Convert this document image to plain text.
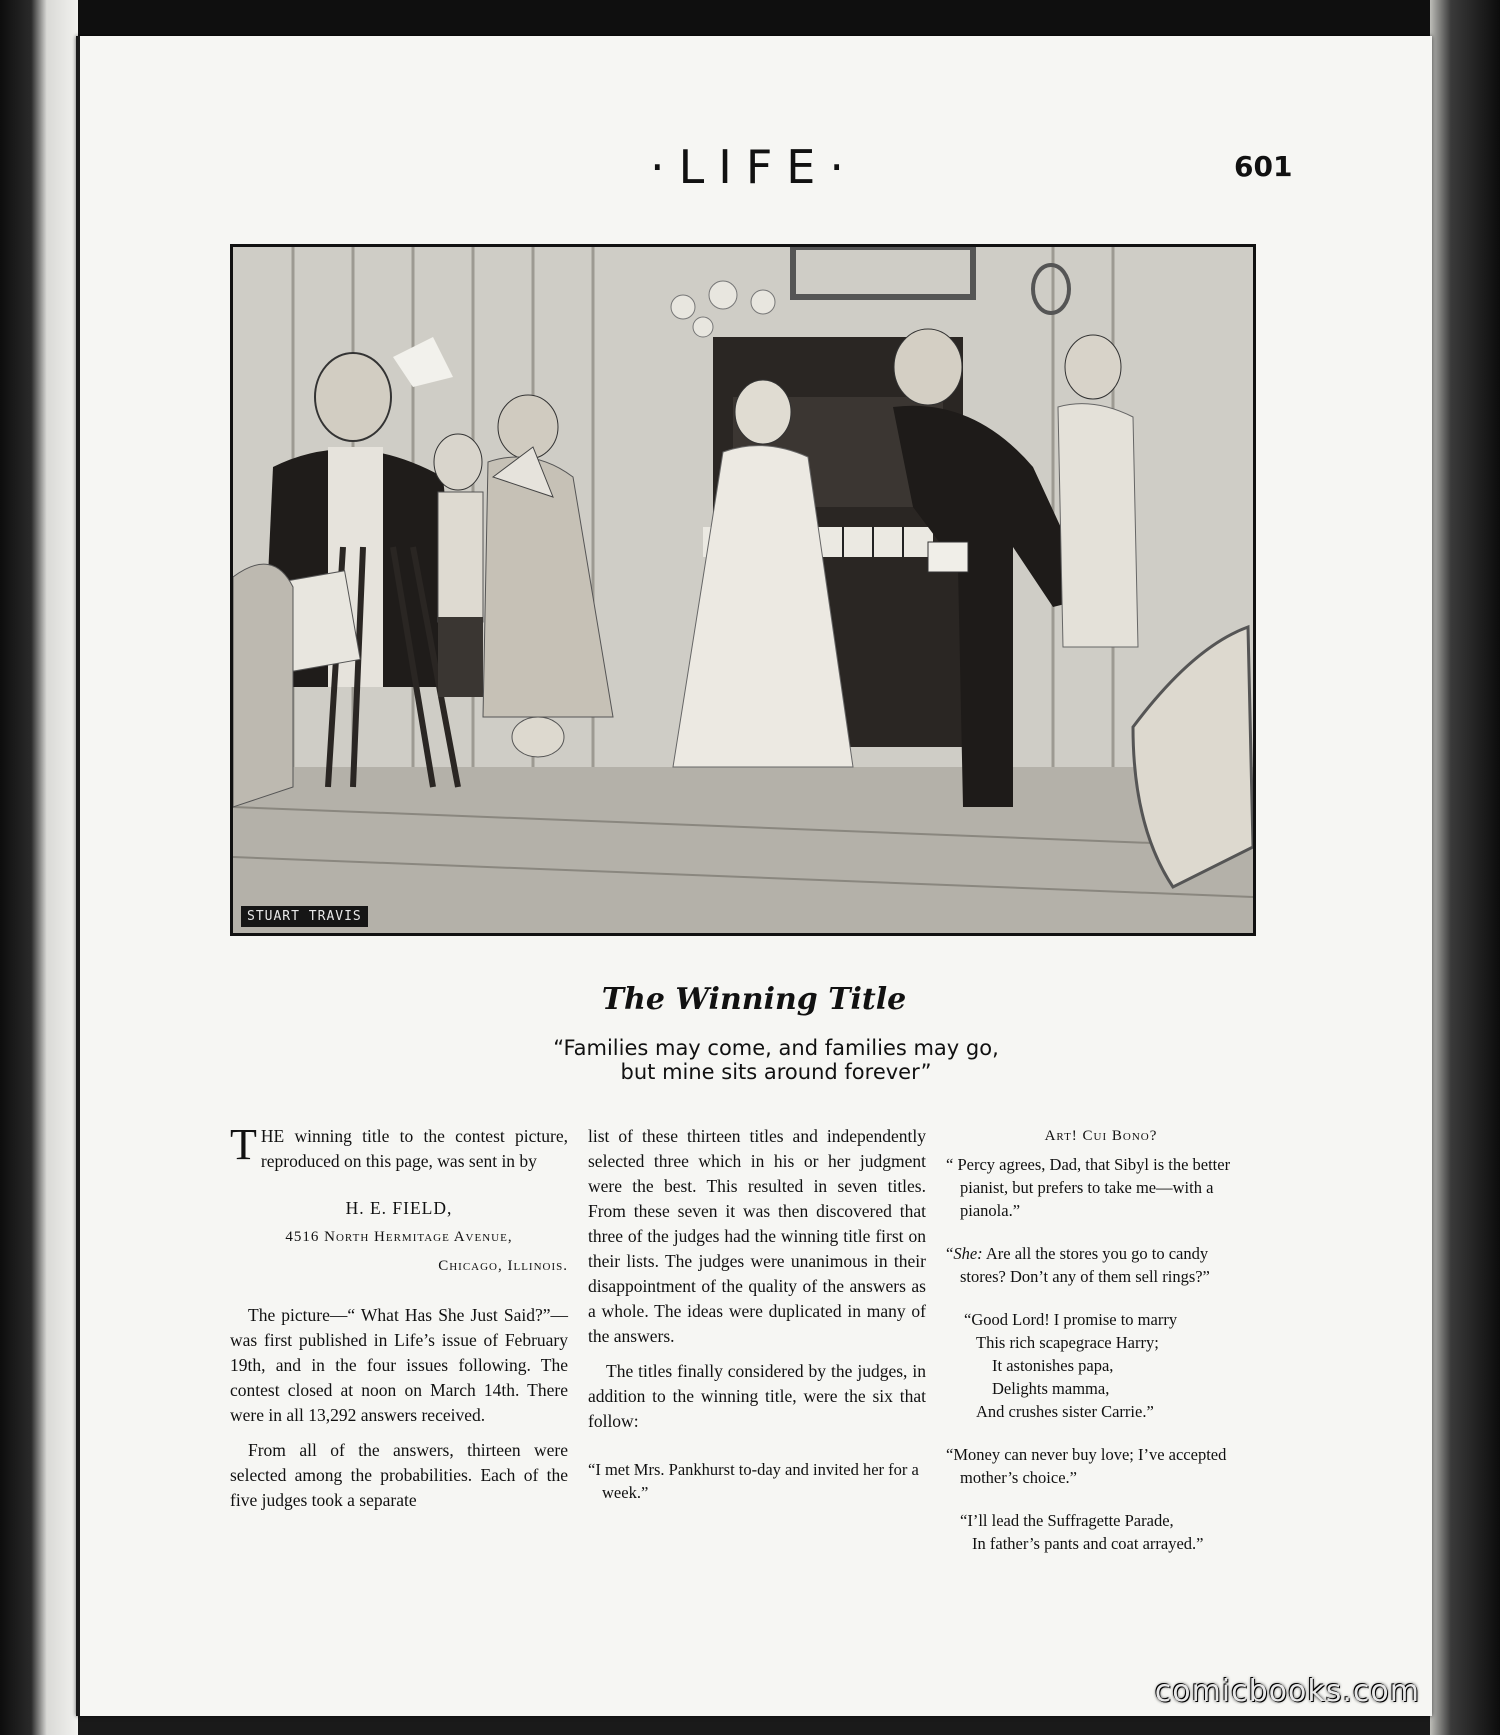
·LIFE·	601
STUART TRAVIS
The Winning Title
“Families may come, and families may go,
but mine sits around forever”

THE winning title to the contest picture, reproduced on this page, was sent in by

H. E. FIELD,
4516 North Hermitage Avenue,
Chicago, Illinois.

The picture—“ What Has She Just Said?”—was first published in Life’s issue of February 19th, and in the four issues following. The contest closed at noon on March 14th. There were in all 13,292 answers received.

From all of the answers, thirteen were selected among the probabilities. Each of the five judges took a separate

list of these thirteen titles and independently selected three which in his or her judgment were the best. This resulted in seven titles. From these seven it was then discovered that three of the judges had the winning title first on their lists. The judges were unanimous in their disappointment of the quality of the answers as a whole. The ideas were duplicated in many of the answers.

The titles finally considered by the judges, in addition to the winning title, were the six that follow:

“I met Mrs. Pankhurst to-day and invited her for a week.”
Art! Cui Bono?
“ Percy agrees, Dad, that Sibyl is the better pianist, but prefers to take me—with a pianola.”
“She: Are all the stores you go to candy stores? Don’t any of them sell rings?”
“Good Lord! I promise to marry
This rich scapegrace Harry;
It astonishes papa,
Delights mamma,
And crushes sister Carrie.”
“Money can never buy love; I’ve accepted mother’s choice.”
“I’ll lead the Suffragette Parade,
In father’s pants and coat arrayed.”
comicbooks.com
